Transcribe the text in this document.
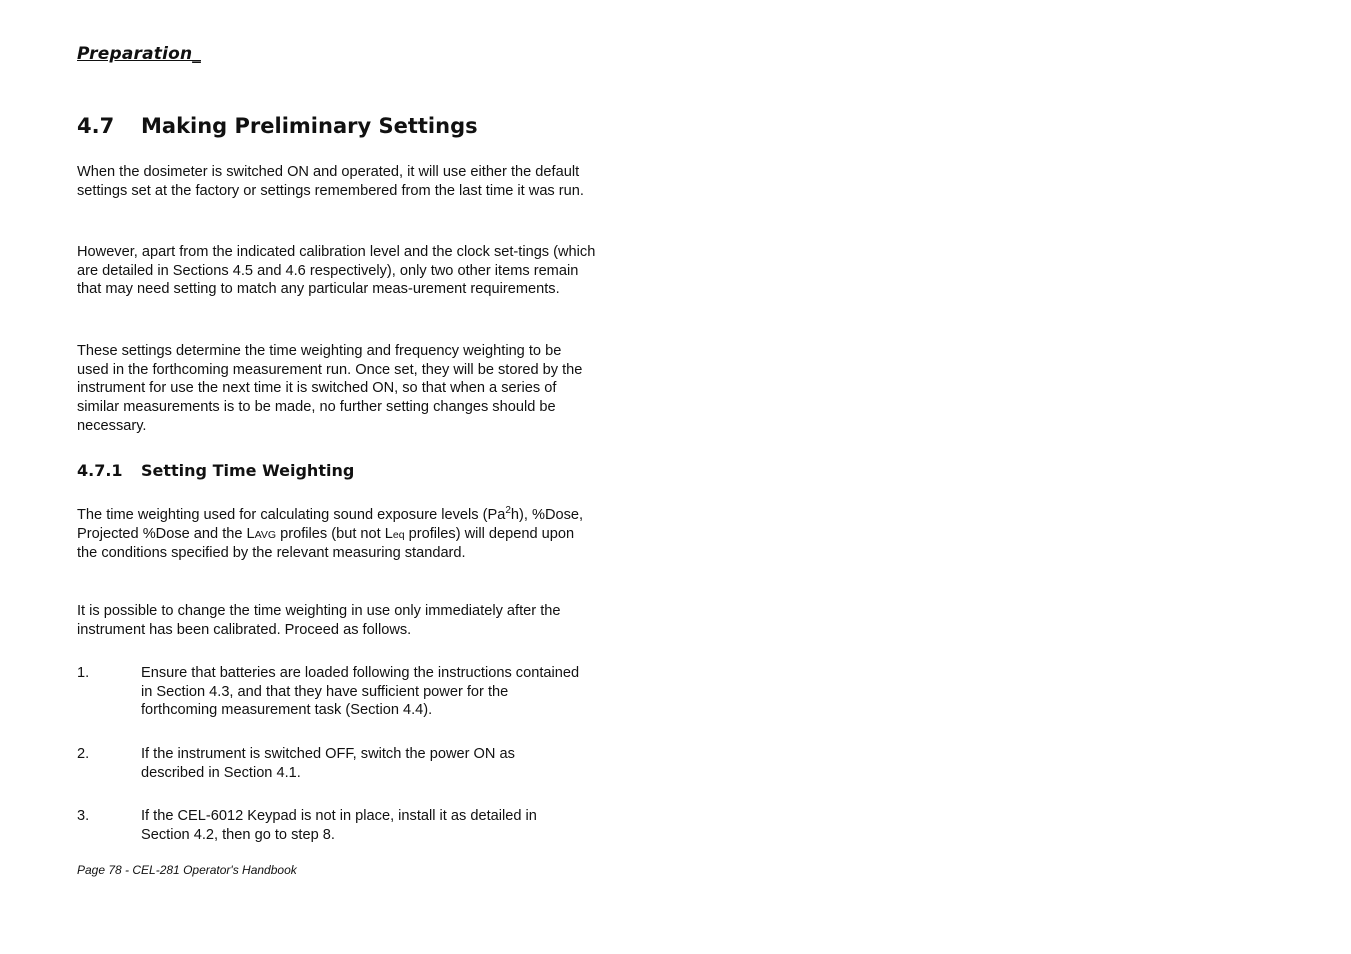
Preparation_
4.7 Making Preliminary Settings

When the dosimeter is switched ON and operated, it will use either the default settings set at the factory or settings remembered from the last time it was run.

However, apart from the indicated calibration level and the clock set-tings (which are detailed in Sections 4.5 and 4.6 respectively), only two other items remain that may need setting to match any particular meas-urement requirements.

These settings determine the time weighting and frequency weighting to be used in the forthcoming measurement run. Once set, they will be stored by the instrument for use the next time it is switched ON, so that when a series of similar measurements is to be made, no further setting changes should be necessary.

4.7.1 Setting Time Weighting

The time weighting used for calculating sound exposure levels (Pa$^2$h), %Dose, Projected %Dose and the LAVG profiles (but not Leq profiles) will depend upon the conditions specified by the relevant measuring standard.

It is possible to change the time weighting in use only immediately after the instrument has been calibrated. Proceed as follows.

1.	Ensure that batteries are loaded following the instructions contained in Section 4.3, and that they have sufficient power for the forthcoming measurement task (Section 4.4).
2.	If the instrument is switched OFF, switch the power ON as described in Section 4.1.
3.	If the CEL-6012 Keypad is not in place, install it as detailed in Section 4.2, then go to step 8.
Page 78 - CEL-281 Operator's Handbook
